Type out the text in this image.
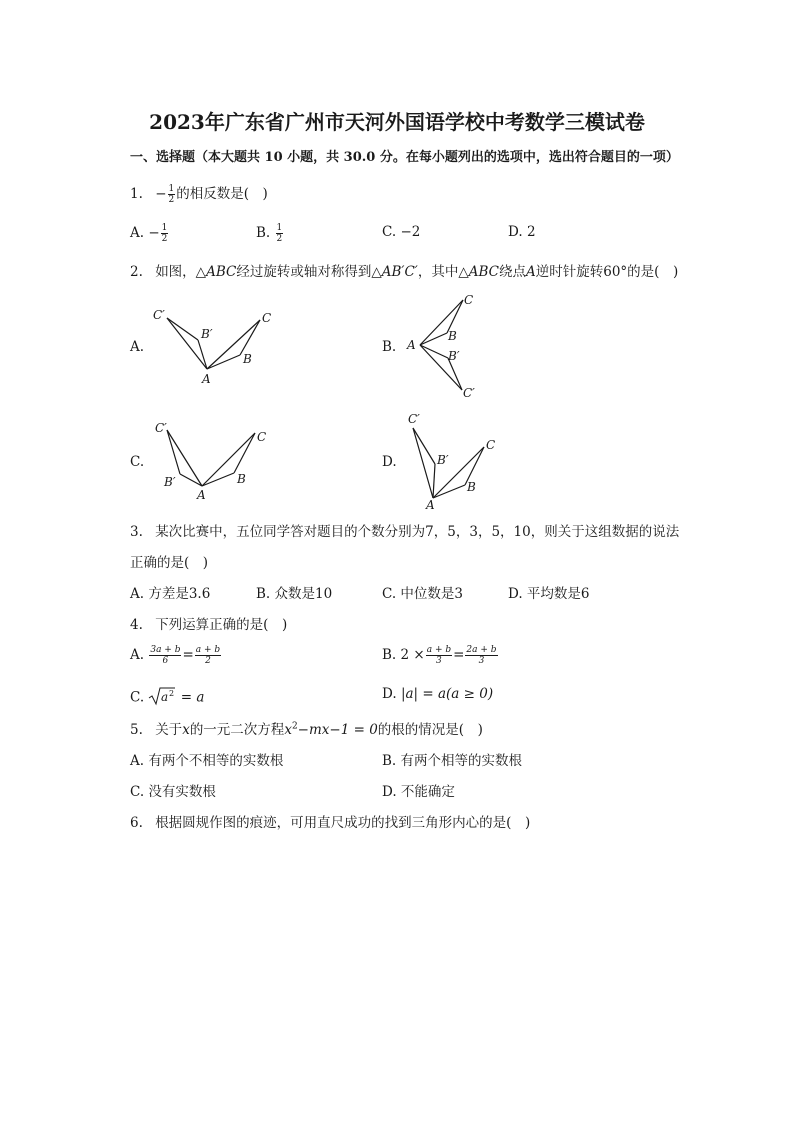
2023年广东省广州市天河外国语学校中考数学三模试卷
一、选择题（本大题共 10 小题，共 30.0 分。在每小题列出的选项中，选出符合题目的一项）
1. − $\frac{1}{2}$ 的相反数是(　)
A. − $\frac{1}{2}$	B. $\frac{1}{2}$	C. −2	D. 2
2. 如图，△ABC经过旋转或轴对称得到△AB′C′，其中△ABC绕点A逆时针旋转60°的是(　)
A.	B.
C.	D.
C′
B′
C
B
A
C
B
A
B′
C′
C′
B′
C
B
A
C′
B′
C
B
A
3. 某次比赛中，五位同学答对题目的个数分别为7，5，3，5，10，则关于这组数据的说法
正确的是(　)
A. 方差是3.6	B. 众数是10	C. 中位数是3	D. 平均数是6
4. 下列运算正确的是(　)
A. $\frac{3a + b}{6} = \frac{a + b}{2}$	B. $2 \times \frac{a + b}{3} = \frac{2a + b}{3}$
C. a 2 = a	D. |a| = a(a ≥ 0)
5. 关于x的一元二次方程$x^2-mx-1 = 0$的根的情况是(　)
A. 有两个不相等的实数根	B. 有两个相等的实数根
C. 没有实数根	D. 不能确定
6. 根据圆规作图的痕迹，可用直尺成功的找到三角形内心的是(　)
